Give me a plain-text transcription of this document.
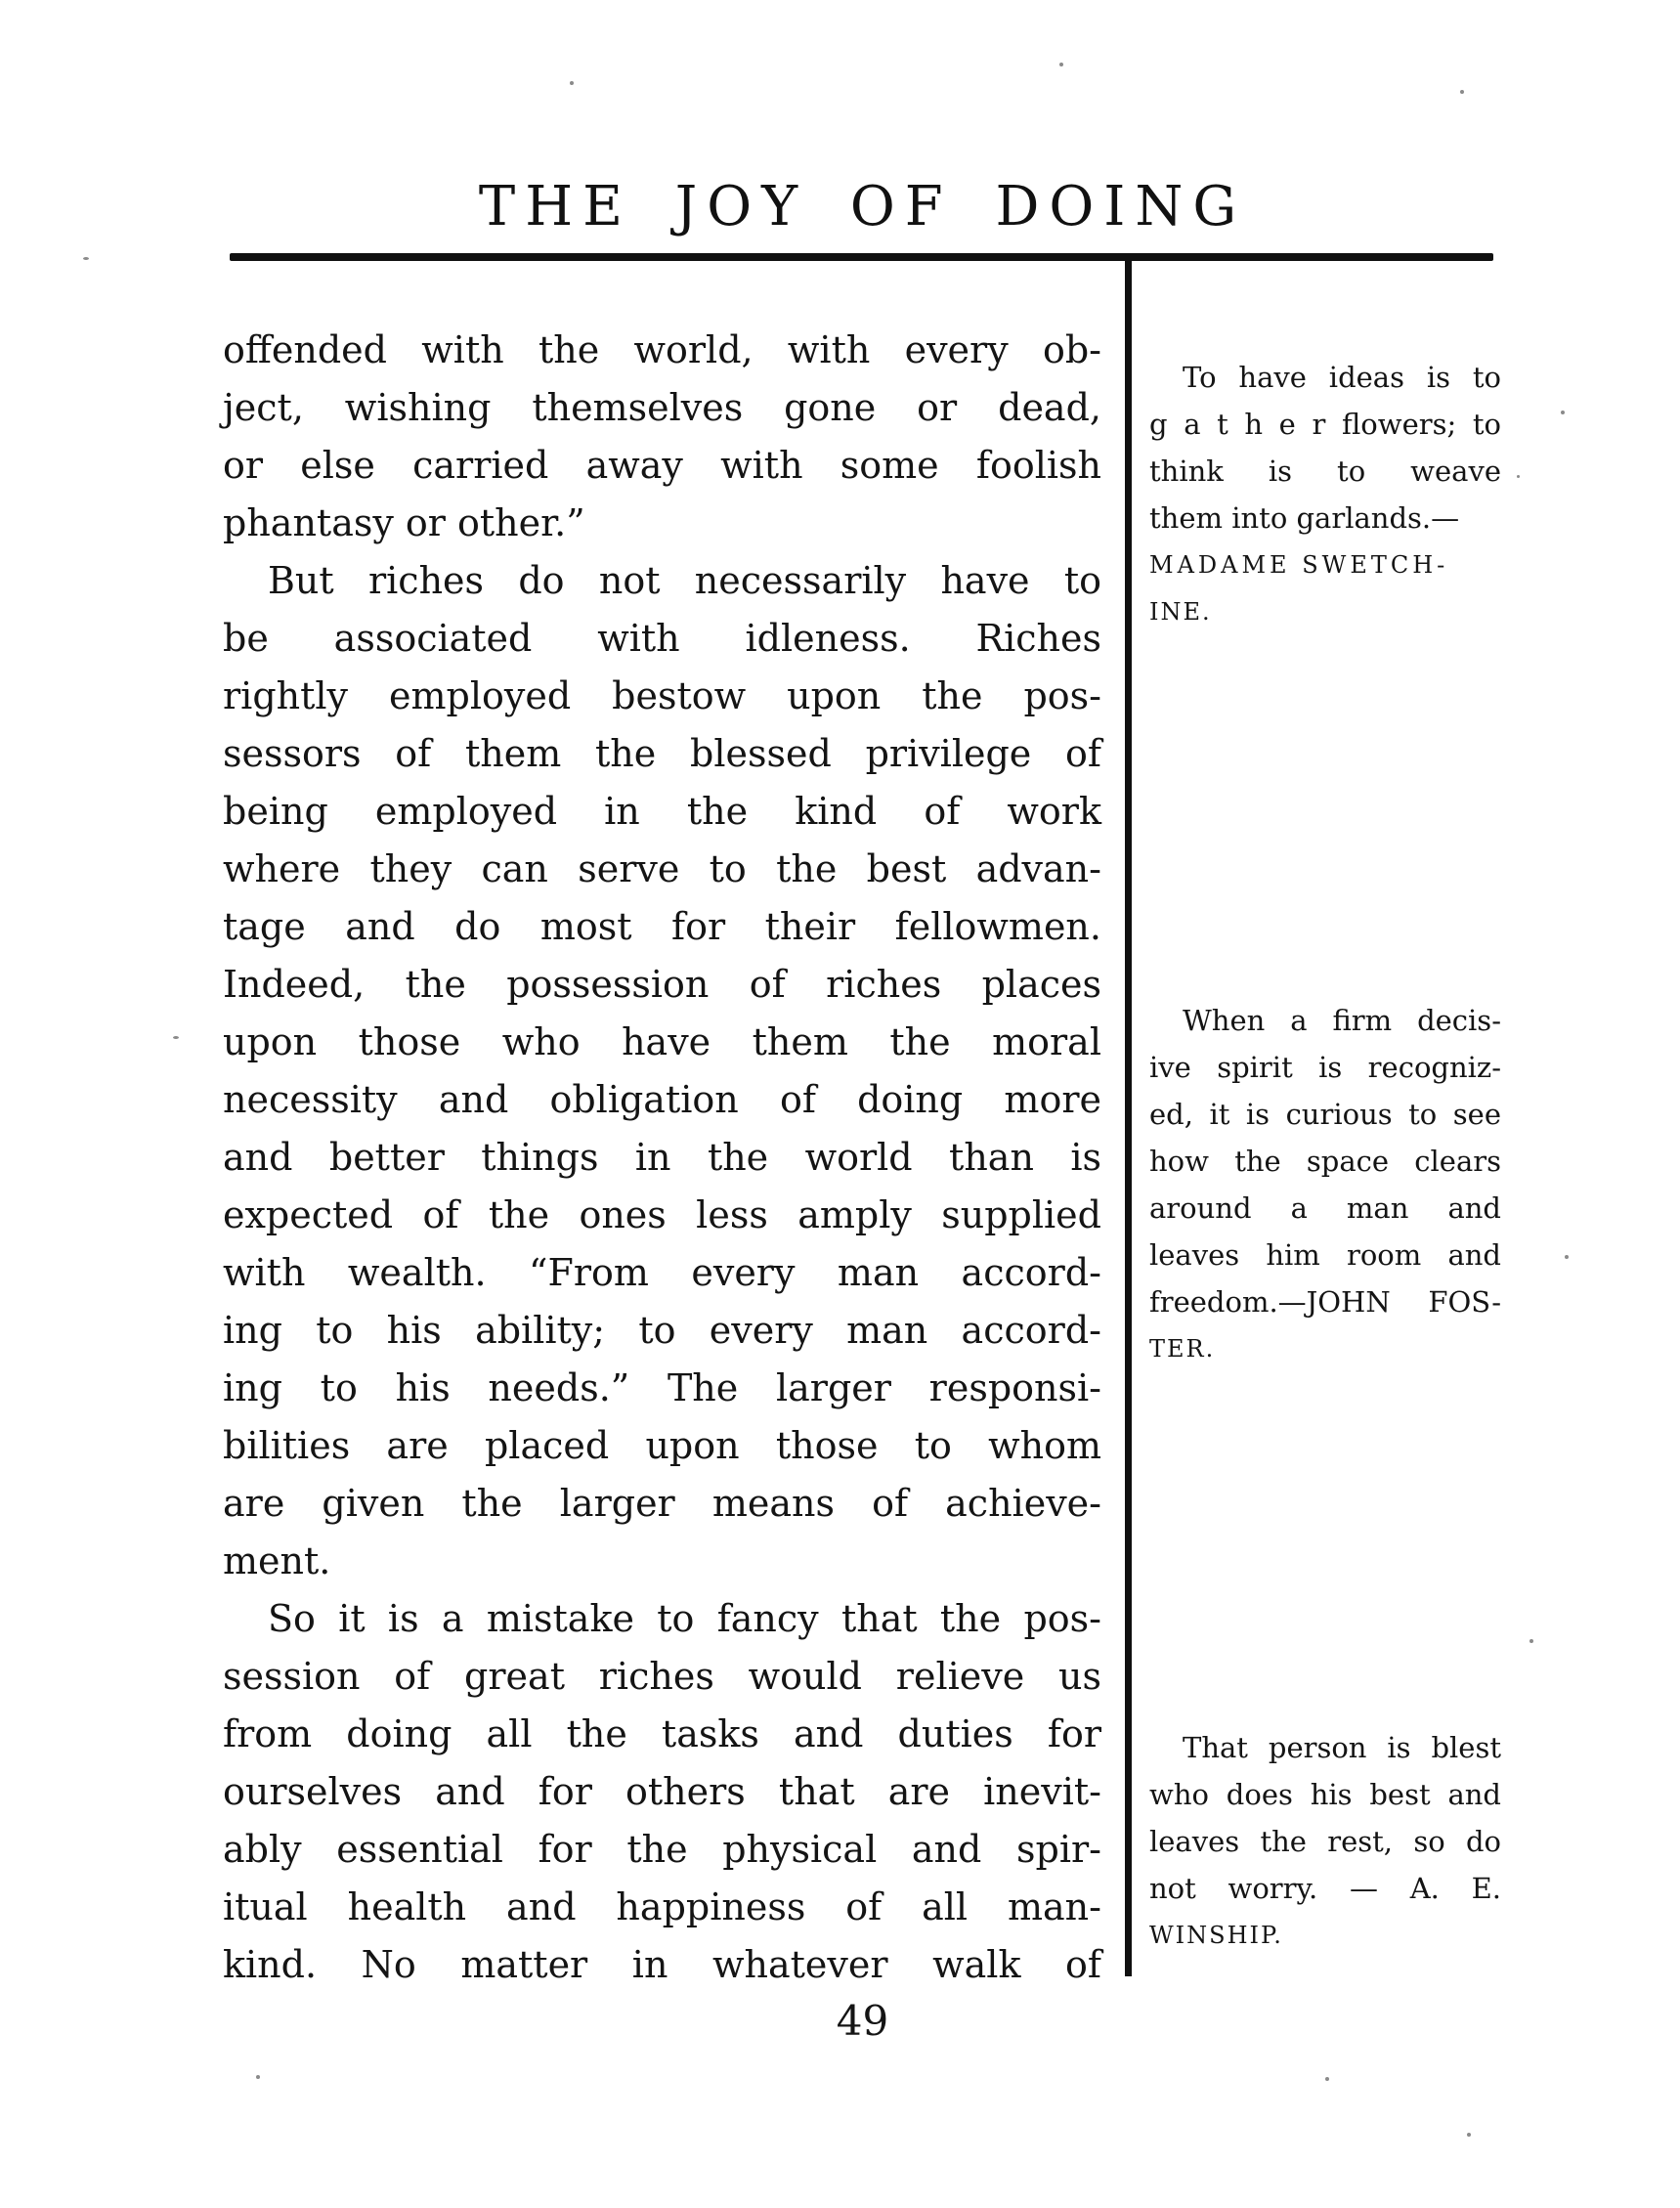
THE JOY OF DOING
offended with the world, with every ob-
ject, wishing themselves gone or dead,
or else carried away with some foolish
phantasy or other.”
But riches do not necessarily have to
be associated with idleness. Riches
rightly employed bestow upon the pos-
sessors of them the blessed privilege of
being employed in the kind of work
where they can serve to the best advan-
tage and do most for their fellowmen.
Indeed, the possession of riches places
upon those who have them the moral
necessity and obligation of doing more
and better things in the world than is
expected of the ones less amply supplied
with wealth. “From every man accord-
ing to his ability; to every man accord-
ing to his needs.” The larger responsi-
bilities are placed upon those to whom
are given the larger means of achieve-
ment.
So it is a mistake to fancy that the pos-
session of great riches would relieve us
from doing all the tasks and duties for
ourselves and for others that are inevit-
ably essential for the physical and spir-
itual health and happiness of all man-
kind. No matter in whatever walk of
To have ideas is to
g a t h e r flowers; to
think is to weave
them into garlands.—
MADAME SWETCH-
INE.
When a firm decis-
ive spirit is recogniz-
ed, it is curious to see
how the space clears
around a man and
leaves him room and
freedom.—JOHN FOS-
TER.
That person is blest
who does his best and
leaves the rest, so do
not worry. — A. E.
WINSHIP.
49
